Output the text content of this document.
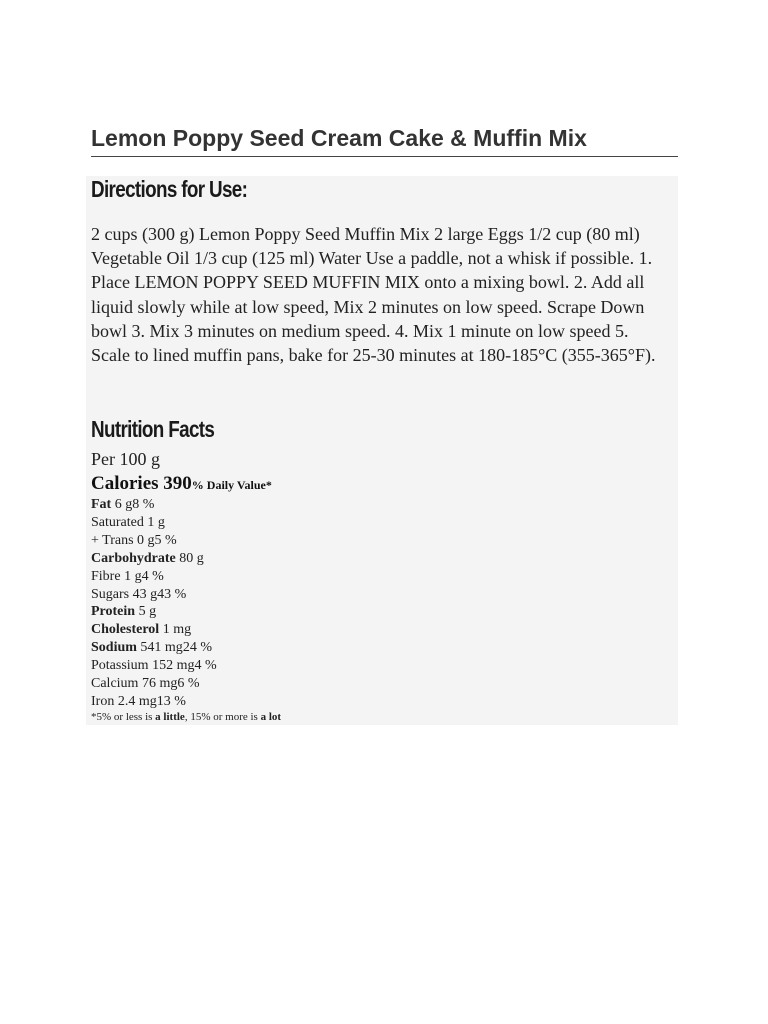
Lemon Poppy Seed Cream Cake & Muffin Mix
Directions for Use:

2 cups (300 g) Lemon Poppy Seed Muffin Mix 2 large Eggs 1/2 cup (80 ml) Vegetable Oil 1/3 cup (125 ml) Water Use a paddle, not a whisk if possible. 1. Place LEMON POPPY SEED MUFFIN MIX onto a mixing bowl. 2. Add all liquid slowly while at low speed, Mix 2 minutes on low speed. Scrape Down bowl 3. Mix 3 minutes on medium speed. 4. Mix 1 minute on low speed 5. Scale to lined muffin pans, bake for 25-30 minutes at 180-185°C (355-365°F).

Nutrition Facts
Per 100 g
Calories 390% Daily Value*
Fat 6 g8 %
Saturated 1 g
+ Trans 0 g5 %
Carbohydrate 80 g
Fibre 1 g4 %
Sugars 43 g43 %
Protein 5 g
Cholesterol 1 mg
Sodium 541 mg24 %
Potassium 152 mg4 %
Calcium 76 mg6 %
Iron 2.4 mg13 %
*5% or less is a little, 15% or more is a lot
